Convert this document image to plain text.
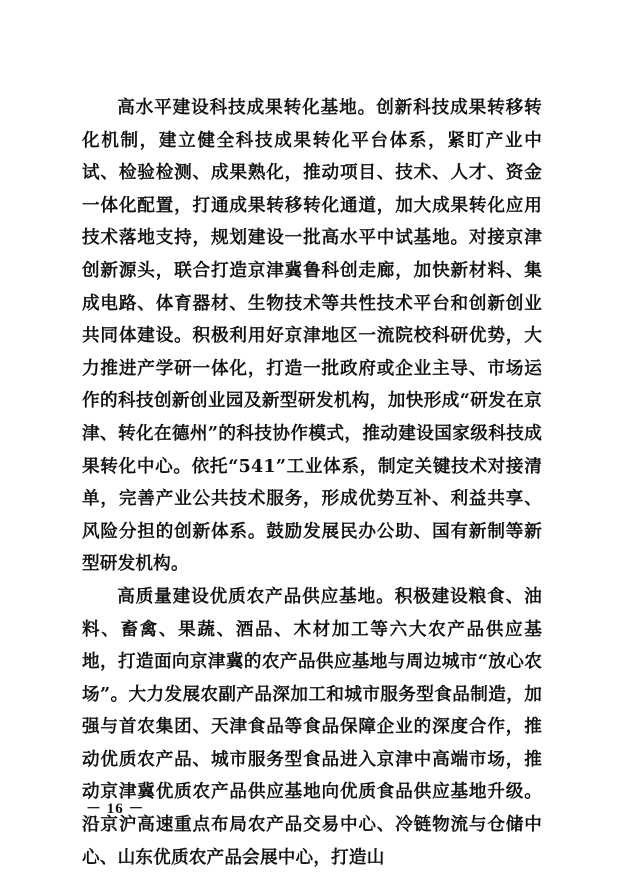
高水平建设科技成果转化基地。创新科技成果转移转化机制，建立健全科技成果转化平台体系，紧盯产业中试、检验检测、成果熟化，推动项目、技术、人才、资金一体化配置，打通成果转移转化通道，加大成果转化应用技术落地支持，规划建设一批高水平中试基地。对接京津创新源头，联合打造京津冀鲁科创走廊，加快新材料、集成电路、体育器材、生物技术等共性技术平台和创新创业共同体建设。积极利用好京津地区一流院校科研优势，大力推进产学研一体化，打造一批政府或企业主导、市场运作的科技创新创业园及新型研发机构，加快形成“研发在京津、转化在德州”的科技协作模式，推动建设国家级科技成果转化中心。依托“541”工业体系，制定关键技术对接清单，完善产业公共技术服务，形成优势互补、利益共享、风险分担的创新体系。鼓励发展民办公助、国有新制等新型研发机构。

高质量建设优质农产品供应基地。积极建设粮食、油料、畜禽、果蔬、酒品、木材加工等六大农产品供应基地，打造面向京津冀的农产品供应基地与周边城市“放心农场”。大力发展农副产品深加工和城市服务型食品制造，加强与首农集团、天津食品等食品保障企业的深度合作，推动优质农产品、城市服务型食品进入京津中高端市场，推动京津冀优质农产品供应基地向优质食品供应基地升级。沿京沪高速重点布局农产品交易中心、冷链物流与仓储中心、山东优质农产品会展中心，打造山

－ 16 －
